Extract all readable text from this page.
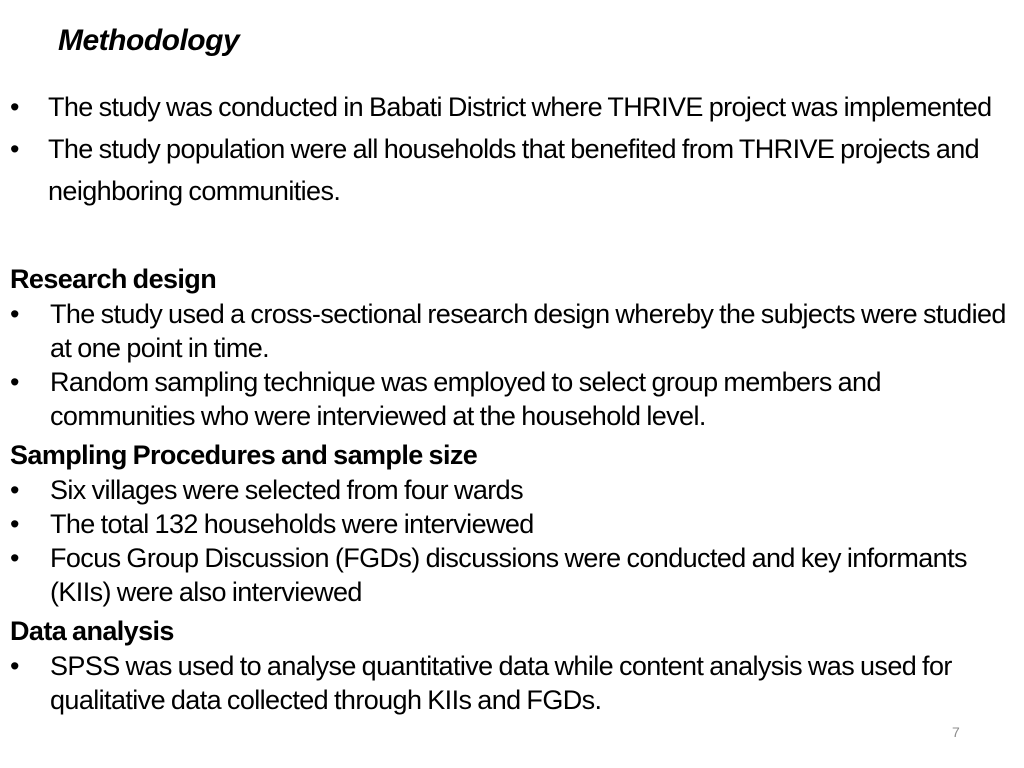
Methodology
•	The study was conducted in Babati District where THRIVE project was implemented
•	The study population were all households that benefited from THRIVE projects and neighboring communities.
Research design
•	The study used a cross-sectional research design whereby the subjects were studied at one point in time.
•	Random sampling technique was employed to select group members and communities who were interviewed at the household level.
Sampling Procedures and sample size
•	Six villages were selected from four wards
•	The total 132 households were interviewed
•	Focus Group Discussion (FGDs) discussions were conducted and key informants (KIIs) were also interviewed
Data analysis
•	SPSS was used to analyse quantitative data while content analysis was used for qualitative data collected through KIIs and FGDs.
7
